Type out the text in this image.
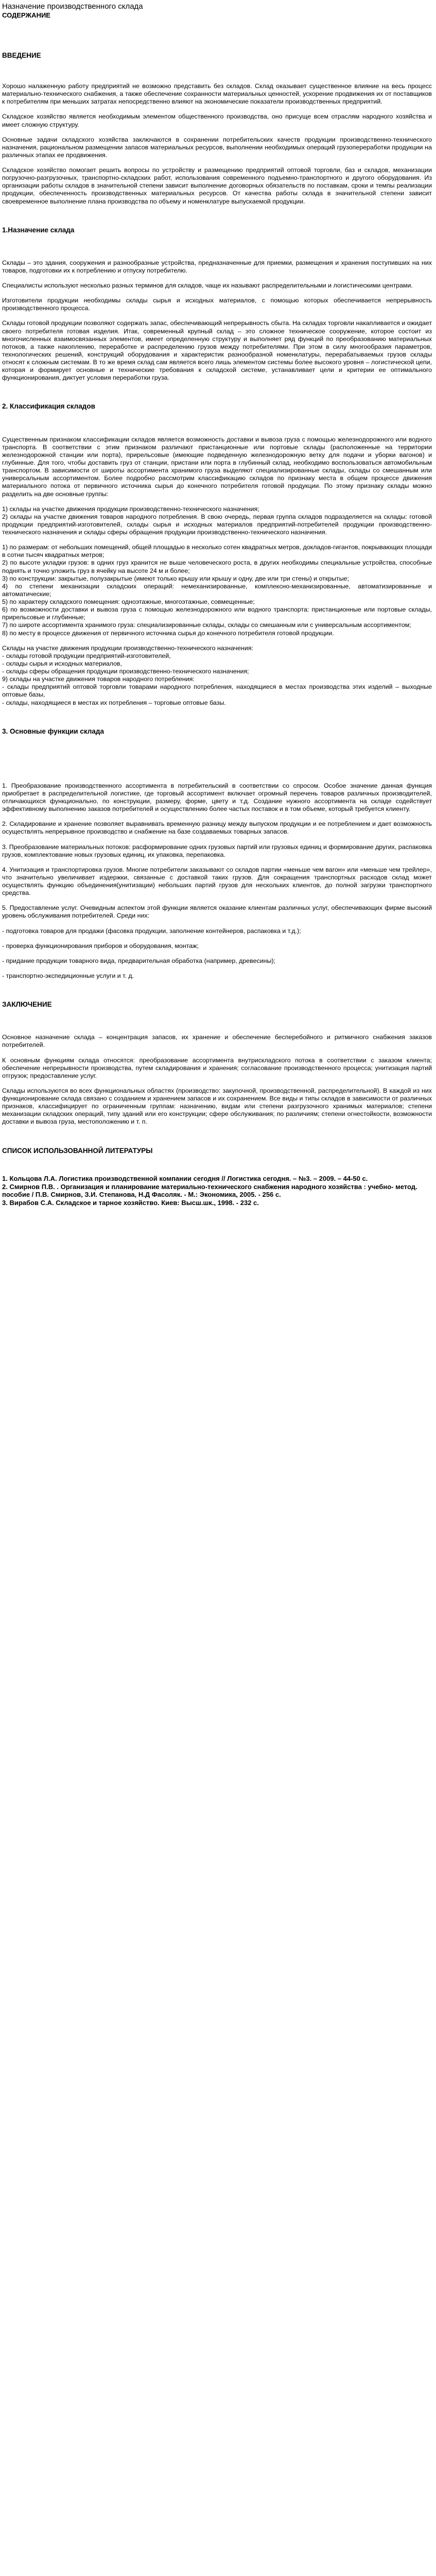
Назначение производственного склада
СОДЕРЖАНИЕ
ВВЕДЕНИЕ

Хорошо налаженную работу предприятий не возможно представить без складов. Склад оказывает существенное влияние на весь процесс материально-технического снабжения, а также обеспечение сохранности материальных ценностей, ускорение продвижения их от поставщиков к потребителям при меньших затратах непосредственно влияют на экономические показатели производственных предприятий.

Складское хозяйство является необходимым элементом общественного производства, оно присуще всем отраслям народного хозяйства и имеет сложную структуру.

Основные задачи складского хозяйства заключаются в сохранении потребительских качеств продукции производственно-технического назначения, рациональном размещении запасов материальных ресурсов, выполнении необходимых операций грузопереработки продукции на различных этапах ее продвижения.

Складское хозяйство помогает решить вопросы по устройству и размещению предприятий оптовой торговли, баз и складов, механизации погрузочно-разгрузочных, транспортно-складских работ, использования современного подъемно-транспортного и другого оборудования. Из организации работы складов в значительной степени зависит выполнение договорных обязательств по поставкам, сроки и темпы реализации продукции, обеспеченность производственных материальных ресурсов. От качества работы склада в значительной степени зависит своевременное выполнение плана производства по объему и номенклатуре выпускаемой продукции.

1.Назначение склада

Склады – это здания, сооружения и разнообразные устройства, предназначенные для приемки, размещения и хранения поступивших на них товаров, подготовки их к потреблению и отпуску потребителю.

Специалисты используют несколько разных терминов для складов, чаще их называют распределительными и логистическими центрами.

Изготовители продукции необходимы склады сырья и исходных материалов, с помощью которых обеспечивается непрерывность производственного процесса.

Склады готовой продукции позволяют содержать запас, обеспечивающий непрерывность сбыта. На складах торговли накапливается и ожидает своего потребителя готовая изделия. Итак, современный крупный склад – это сложное техническое сооружение, которое состоит из многочисленных взаимосвязанных элементов, имеет определенную структуру и выполняет ряд функций по преобразованию материальных потоков, а также накоплению, переработке и распределению грузов между потребителями. При этом в силу многообразия параметров, технологических решений, конструкций оборудования и характеристик разнообразной номенклатуры, перерабатываемых грузов склады относят к сложным системам. В то же время склад сам является всего лишь элементом системы более высокого уровня – логистической цепи, которая и формирует основные и технические требования к складской системе, устанавливает цели и критерии ее оптимального функционирования, диктует условия переработки груза.

2. Классификация складов

Существенным признаком классификации складов является возможность доставки и вывоза груза с помощью железнодорожного или водного транспорта. В соответствии с этим признаком различают пристанционные или портовые склады (расположенные на территории железнодорожной станции или порта), прирельсовые (имеющие подведенную железнодорожную ветку для подачи и уборки вагонов) и глубинные. Для того, чтобы доставить груз от станции, пристани или порта в глубинный склад, необходимо воспользоваться автомобильным транспортом. В зависимости от широты ассортимента хранимого груза выделяют специализированные склады, склады со смешанным или универсальным ассортиментом. Более подробно рассмотрим классификацию складов по признаку места в общем процессе движения материального потока от первичного источника сырья до конечного потребителя готовой продукции. По этому признаку склады можно разделить на две основные группы:

1) склады на участке движения продукции производственно-технического назначения;

2) склады на участке движения товаров народного потребления. В свою очередь, первая группа складов подразделяется на склады: готовой продукции предприятий-изготовителей, склады сырья и исходных материалов предприятий-потребителей продукции производственно-технического назначения и склады сферы обращения продукции производственно-технического назначения.

1) по размерам: от небольших помещений, общей площадью в несколько сотен квадратных метров, докладов-гигантов, покрывающих площади в сотни тысяч квадратных метров;

2) по высоте укладки грузов: в одних груз хранится не выше человеческого роста, в других необходимы специальные устройства, способные поднять и точно уложить груз в ячейку на высоте 24 м и более;

3) по конструкции: закрытые, полузакрытые (имеют только крышу или крышу и одну, две или три стены) и открытые;

4) по степени механизации складских операций: немеханизированные, комплексно-механизированные, автоматизированные и автоматические;

5) по характеру складского помещения: одноэтажные, многоэтажные, совмещенные;

6) по возможности доставки и вывоза груза с помощью железнодорожного или водного транспорта: пристанционные или портовые склады, прирельсовые и глубинные;

7) по широте ассортимента хранимого груза: специализированные склады, склады со смешанным или с универсальным ассортиментом;

8) по месту в процессе движения от первичного источника сырья до конечного потребителя готовой продукции.

Склады на участке движения продукции производственно-технического назначения:

- склады готовой продукции предприятий-изготовителей,

- склады сырья и исходных материалов,

- склады сферы обращения продукции производственно-технического назначения;

9) склады на участке движения товаров народного потребления:

- склады предприятий оптовой торговли товарами народного потребления, находящиеся в местах производства этих изделий – выходные оптовые базы,

- склады, находящиеся в местах их потребления – торговые оптовые базы.

3. Основные функции склада

1. Преобразование производственного ассортимента в потребительский в соответствии со спросом. Особое значение данная функция приобретает в распределительной логистике, где торговый ассортимент включает огромный перечень товаров различных производителей, отличающихся функционально, по конструкции, размеру, форме, цвету и т.д. Создание нужного ассортимента на складе содействует эффективному выполнению заказов потребителей и осуществлению более частых поставок и в том объеме, который требуется клиенту.

2. Складирование и хранение позволяет выравнивать временную разницу между выпуском продукции и ее потреблением и дает возможность осуществлять непрерывное производство и снабжение на базе создаваемых товарных запасов.

3. Преобразование материальных потоков: расформирование одних грузовых партий или грузовых единиц и формирование других, распаковка грузов, комплектование новых грузовых единиц, их упаковка, перепаковка.

4. Унитизация и транспортировка грузов. Многие потребители заказывают со складов партии «меньше чем вагон» или «меньше чем трейлер», что значительно увеличивает издержки, связанные с доставкой таких грузов. Для сокращения транспортных расходов склад может осуществлять функцию объединения(унитизации) небольших партий грузов для нескольких клиентов, до полной загрузки транспортного средства.

5. Предоставление услуг. Очевидным аспектом этой функции является оказание клиентам различных услуг, обеспечивающих фирме высокий уровень обслуживания потребителей. Среди них:

- подготовка товаров для продажи (фасовка продукции, заполнение контейнеров, распаковка и т.д.);

- проверка функционирования приборов и оборудования, монтаж;

- придание продукции товарного вида, предварительная обработка (например, древесины);

- транспортно-экспедиционные услуги и т. д.

ЗАКЛЮЧЕНИЕ

Основное назначение склада – концентрация запасов, их хранение и обеспечение бесперебойного и ритмичного снабжения заказов потребителей.

К основным функциям склада относятся: преобразование ассортимента внутрискладского потока в соответствии с заказом клиента; обеспечение непрерывности производства, путем складирования и хранения; согласование производственного процесса; унитизация партий отгрузок; предоставление услуг.

Склады используются во всех функциональных областях (производство: закупочной, производственной, распределительной). В каждой из них функционирование склада связано с созданием и хранением запасов и их сохранением. Все виды и типы складов в зависимости от различных признаков, классифицирует по ограниченным группам: назначению, видам или степени разгрузочного хранимых материалов; степени механизации складских операций, типу зданий или его конструкции; сфере обслуживания; по различиям; степени огнестойкости, возможности доставки и вывоза груза, местоположению и т. п.

СПИСОК ИСПОЛЬЗОВАННОЙ ЛИТЕРАТУРЫ

1. Кольцова Л.А. Логистика производственной компании сегодня // Логистика сегодня. – №3. – 2009. – 44-50 с.

2. Смирнов П.В. . Организация и планирование материально-технического снабжения народного хозяйства : учебно- метод. пособие / П.В. Смирнов, З.И. Степанова, Н.Д Фасоляк. - М.: Экономика, 2005. - 256 с.

3. Вирабов С.А. Складское и тарное хозяйство. Киев: Высш.шк., 1998. - 232 с.
